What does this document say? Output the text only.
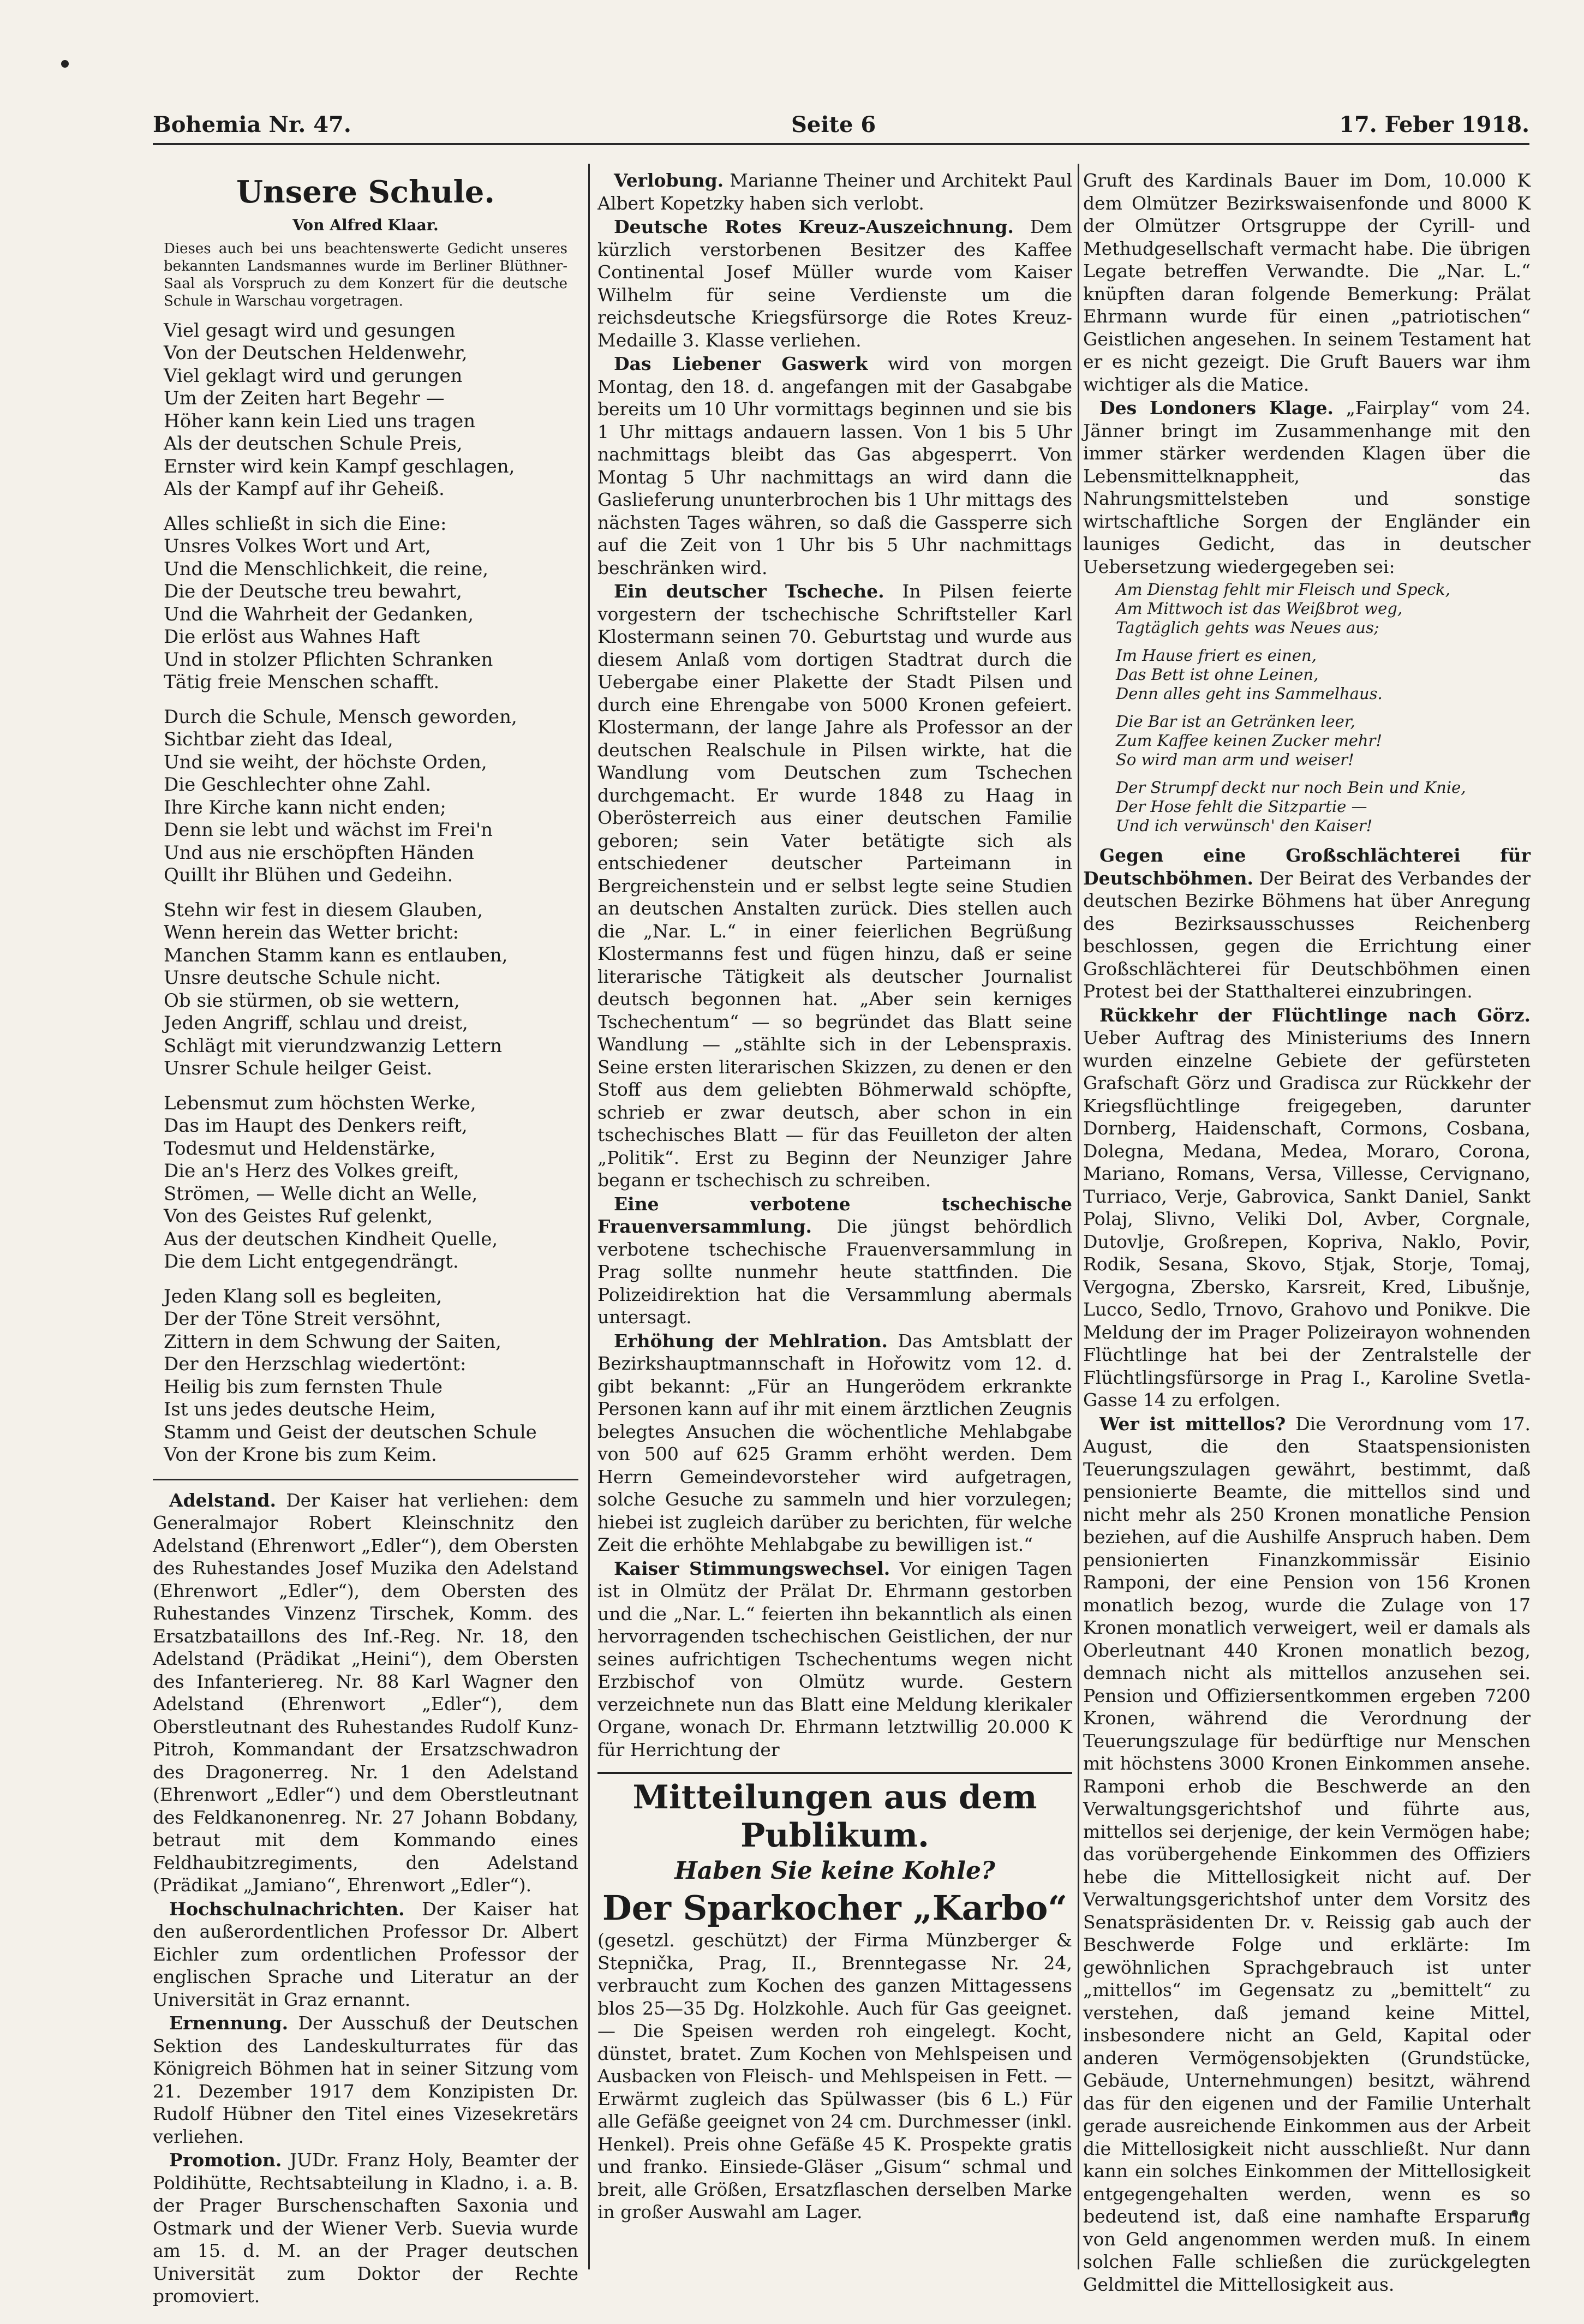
Bohemia Nr. 47.	Seite 6	17. Feber 1918.
Unsere Schule.
Von Alfred Klaar.
Dieses auch bei uns beachtenswerte Gedicht unseres bekannten Landsmannes wurde im Berliner Blüthner-Saal als Vorspruch zu dem Konzert für die deutsche Schule in Warschau vorgetragen.

Viel gesagt wird und gesungen
Von der Deutschen Heldenwehr,
Viel geklagt wird und gerungen
Um der Zeiten hart Begehr —
Höher kann kein Lied uns tragen
Als der deutschen Schule Preis,
Ernster wird kein Kampf geschlagen,
Als der Kampf auf ihr Geheiß.

Alles schließt in sich die Eine:
Unsres Volkes Wort und Art,
Und die Menschlichkeit, die reine,
Die der Deutsche treu bewahrt,
Und die Wahrheit der Gedanken,
Die erlöst aus Wahnes Haft
Und in stolzer Pflichten Schranken
Tätig freie Menschen schafft.

Durch die Schule, Mensch geworden,
Sichtbar zieht das Ideal,
Und sie weiht, der höchste Orden,
Die Geschlechter ohne Zahl.
Ihre Kirche kann nicht enden;
Denn sie lebt und wächst im Frei'n
Und aus nie erschöpften Händen
Quillt ihr Blühen und Gedeihn.

Stehn wir fest in diesem Glauben,
Wenn herein das Wetter bricht:
Manchen Stamm kann es entlauben,
Unsre deutsche Schule nicht.
Ob sie stürmen, ob sie wettern,
Jeden Angriff, schlau und dreist,
Schlägt mit vierundzwanzig Lettern
Unsrer Schule heilger Geist.

Lebensmut zum höchsten Werke,
Das im Haupt des Denkers reift,
Todesmut und Heldenstärke,
Die an's Herz des Volkes greift,
Strömen, — Welle dicht an Welle,
Von des Geistes Ruf gelenkt,
Aus der deutschen Kindheit Quelle,
Die dem Licht entgegendrängt.

Jeden Klang soll es begleiten,
Der der Töne Streit versöhnt,
Zittern in dem Schwung der Saiten,
Der den Herzschlag wiedertönt:
Heilig bis zum fernsten Thule
Ist uns jedes deutsche Heim,
Stamm und Geist der deutschen Schule
Von der Krone bis zum Keim.

Adelstand. Der Kaiser hat verliehen: dem Generalmajor Robert Kleinschnitz den Adelstand (Ehrenwort „Edler“), dem Obersten des Ruhestandes Josef Muzika den Adelstand (Ehrenwort „Edler“), dem Obersten des Ruhestandes Vinzenz Tirschek, Komm. des Ersatzbataillons des Inf.-Reg. Nr. 18, den Adelstand (Prädikat „Heini“), dem Obersten des Infanteriereg. Nr. 88 Karl Wagner den Adelstand (Ehrenwort „Edler“), dem Oberstleutnant des Ruhestandes Rudolf Kunz-Pitroh, Kommandant der Ersatzschwadron des Dragonerreg. Nr. 1 den Adelstand (Ehrenwort „Edler“) und dem Oberstleutnant des Feldkanonenreg. Nr. 27 Johann Bobdany, betraut mit dem Kommando eines Feldhaubitzregiments, den Adelstand (Prädikat „Jamiano“, Ehrenwort „Edler“).

Hochschulnachrichten. Der Kaiser hat den außerordentlichen Professor Dr. Albert Eichler zum ordentlichen Professor der englischen Sprache und Literatur an der Universität in Graz ernannt.

Ernennung. Der Ausschuß der Deutschen Sektion des Landeskulturrates für das Königreich Böhmen hat in seiner Sitzung vom 21. Dezember 1917 dem Konzipisten Dr. Rudolf Hübner den Titel eines Vizesekretärs verliehen.

Promotion. JUDr. Franz Holy, Beamter der Poldihütte, Rechtsabteilung in Kladno, i. a. B. der Prager Burschenschaften Saxonia und Ostmark und der Wiener Verb. Suevia wurde am 15. d. M. an der Prager deutschen Universität zum Doktor der Rechte promoviert.

Verlobung. Marianne Theiner und Architekt Paul Albert Kopetzky haben sich verlobt.

Deutsche Rotes Kreuz-Auszeichnung. Dem kürzlich verstorbenen Besitzer des Kaffee Continental Josef Müller wurde vom Kaiser Wilhelm für seine Verdienste um die reichsdeutsche Kriegsfürsorge die Rotes Kreuz-Medaille 3. Klasse verliehen.

Das Liebener Gaswerk wird von morgen Montag, den 18. d. angefangen mit der Gasabgabe bereits um 10 Uhr vormittags beginnen und sie bis 1 Uhr mittags andauern lassen. Von 1 bis 5 Uhr nachmittags bleibt das Gas abgesperrt. Von Montag 5 Uhr nachmittags an wird dann die Gaslieferung ununterbrochen bis 1 Uhr mittags des nächsten Tages währen, so daß die Gassperre sich auf die Zeit von 1 Uhr bis 5 Uhr nachmittags beschränken wird.

Ein deutscher Tscheche. In Pilsen feierte vorgestern der tschechische Schriftsteller Karl Klostermann seinen 70. Geburtstag und wurde aus diesem Anlaß vom dortigen Stadtrat durch die Uebergabe einer Plakette der Stadt Pilsen und durch eine Ehrengabe von 5000 Kronen gefeiert. Klostermann, der lange Jahre als Professor an der deutschen Realschule in Pilsen wirkte, hat die Wandlung vom Deutschen zum Tschechen durchgemacht. Er wurde 1848 zu Haag in Oberösterreich aus einer deutschen Familie geboren; sein Vater betätigte sich als entschiedener deutscher Parteimann in Bergreichenstein und er selbst legte seine Studien an deutschen Anstalten zurück. Dies stellen auch die „Nar. L.“ in einer feierlichen Begrüßung Klostermanns fest und fügen hinzu, daß er seine literarische Tätigkeit als deutscher Journalist deutsch begonnen hat. „Aber sein kerniges Tschechentum“ — so begründet das Blatt seine Wandlung — „stählte sich in der Lebenspraxis. Seine ersten literarischen Skizzen, zu denen er den Stoff aus dem geliebten Böhmerwald schöpfte, schrieb er zwar deutsch, aber schon in ein tschechisches Blatt — für das Feuilleton der alten „Politik“. Erst zu Beginn der Neunziger Jahre begann er tschechisch zu schreiben.

Eine verbotene tschechische Frauenversammlung. Die jüngst behördlich verbotene tschechische Frauenversammlung in Prag sollte nunmehr heute stattfinden. Die Polizeidirektion hat die Versammlung abermals untersagt.

Erhöhung der Mehlration. Das Amtsblatt der Bezirkshauptmannschaft in Hořowitz vom 12. d. gibt bekannt: „Für an Hungerödem erkrankte Personen kann auf ihr mit einem ärztlichen Zeugnis belegtes Ansuchen die wöchentliche Mehlabgabe von 500 auf 625 Gramm erhöht werden. Dem Herrn Gemeindevorsteher wird aufgetragen, solche Gesuche zu sammeln und hier vorzulegen; hiebei ist zugleich darüber zu berichten, für welche Zeit die erhöhte Mehlabgabe zu bewilligen ist.“

Kaiser Stimmungswechsel. Vor einigen Tagen ist in Olmütz der Prälat Dr. Ehrmann gestorben und die „Nar. L.“ feierten ihn bekanntlich als einen hervorragenden tschechischen Geistlichen, der nur seines aufrichtigen Tschechentums wegen nicht Erzbischof von Olmütz wurde. Gestern verzeichnete nun das Blatt eine Meldung klerikaler Organe, wonach Dr. Ehrmann letztwillig 20.000 K für Herrichtung der

Mitteilungen aus dem Publikum.
Haben Sie keine Kohle?
Der Sparkocher „Karbo“

(gesetzl. geschützt) der Firma Münzberger & Stepnička, Prag, II., Brenntegasse Nr. 24, verbraucht zum Kochen des ganzen Mittagessens blos 25—35 Dg. Holzkohle. Auch für Gas geeignet. — Die Speisen werden roh eingelegt. Kocht, dünstet, bratet. Zum Kochen von Mehlspeisen und Ausbacken von Fleisch- und Mehlspeisen in Fett. — Erwärmt zugleich das Spülwasser (bis 6 L.) Für alle Gefäße geeignet von 24 cm. Durchmesser (inkl. Henkel). Preis ohne Gefäße 45 K. Prospekte gratis und franko. Einsiede-Gläser „Gisum“ schmal und breit, alle Größen, Ersatzflaschen derselben Marke in großer Auswahl am Lager.

Gruft des Kardinals Bauer im Dom, 10.000 K dem Olmützer Bezirkswaisenfonde und 8000 K der Olmützer Ortsgruppe der Cyrill- und Methudgesellschaft vermacht habe. Die übrigen Legate betreffen Verwandte. Die „Nar. L.“ knüpften daran folgende Bemerkung: Prälat Ehrmann wurde für einen „patriotischen“ Geistlichen angesehen. In seinem Testament hat er es nicht gezeigt. Die Gruft Bauers war ihm wichtiger als die Matice.

Des Londoners Klage. „Fairplay“ vom 24. Jänner bringt im Zusammenhange mit den immer stärker werdenden Klagen über die Lebensmittelknappheit, das Nahrungsmittelsteben und sonstige wirtschaftliche Sorgen der Engländer ein launiges Gedicht, das in deutscher Uebersetzung wiedergegeben sei:

Am Dienstag fehlt mir Fleisch und Speck,
Am Mittwoch ist das Weißbrot weg,
Tagtäglich gehts was Neues aus;

Im Hause friert es einen,
Das Bett ist ohne Leinen,
Denn alles geht ins Sammelhaus.

Die Bar ist an Getränken leer,
Zum Kaffee keinen Zucker mehr!
So wird man arm und weiser!

Der Strumpf deckt nur noch Bein und Knie,
Der Hose fehlt die Sitzpartie —
Und ich verwünsch' den Kaiser!

Gegen eine Großschlächterei für Deutschböhmen. Der Beirat des Verbandes der deutschen Bezirke Böhmens hat über Anregung des Bezirksausschusses Reichenberg beschlossen, gegen die Errichtung einer Großschlächterei für Deutschböhmen einen Protest bei der Statthalterei einzubringen.

Rückkehr der Flüchtlinge nach Görz. Ueber Auftrag des Ministeriums des Innern wurden einzelne Gebiete der gefürsteten Grafschaft Görz und Gradisca zur Rückkehr der Kriegsflüchtlinge freigegeben, darunter Dornberg, Haidenschaft, Cormons, Cosbana, Dolegna, Medana, Medea, Moraro, Corona, Mariano, Romans, Versa, Villesse, Cervignano, Turriaco, Verje, Gabrovica, Sankt Daniel, Sankt Polaj, Slivno, Veliki Dol, Avber, Corgnale, Dutovlje, Großrepen, Kopriva, Naklo, Povir, Rodik, Sesana, Skovo, Stjak, Storje, Tomaj, Vergogna, Zbersko, Karsreit, Kred, Libušnje, Lucco, Sedlo, Trnovo, Grahovo und Ponikve. Die Meldung der im Prager Polizeirayon wohnenden Flüchtlinge hat bei der Zentralstelle der Flüchtlingsfürsorge in Prag I., Karoline Svetla-Gasse 14 zu erfolgen.

Wer ist mittellos? Die Verordnung vom 17. August, die den Staatspensionisten Teuerungszulagen gewährt, bestimmt, daß pensionierte Beamte, die mittellos sind und nicht mehr als 250 Kronen monatliche Pension beziehen, auf die Aushilfe Anspruch haben. Dem pensionierten Finanzkommissär Eisinio Ramponi, der eine Pension von 156 Kronen monatlich bezog, wurde die Zulage von 17 Kronen monatlich verweigert, weil er damals als Oberleutnant 440 Kronen monatlich bezog, demnach nicht als mittellos anzusehen sei. Pension und Offiziersentkommen ergeben 7200 Kronen, während die Verordnung der Teuerungszulage für bedürftige nur Menschen mit höchstens 3000 Kronen Einkommen ansehe. Ramponi erhob die Beschwerde an den Verwaltungsgerichtshof und führte aus, mittellos sei derjenige, der kein Vermögen habe; das vorübergehende Einkommen des Offiziers hebe die Mittellosigkeit nicht auf. Der Verwaltungsgerichtshof unter dem Vorsitz des Senatspräsidenten Dr. v. Reissig gab auch der Beschwerde Folge und erklärte: Im gewöhnlichen Sprachgebrauch ist unter „mittellos“ im Gegensatz zu „bemittelt“ zu verstehen, daß jemand keine Mittel, insbesondere nicht an Geld, Kapital oder anderen Vermögensobjekten (Grundstücke, Gebäude, Unternehmungen) besitzt, während das für den eigenen und der Familie Unterhalt gerade ausreichende Einkommen aus der Arbeit die Mittellosigkeit nicht ausschließt. Nur dann kann ein solches Einkommen der Mittellosigkeit entgegengehalten werden, wenn es so bedeutend ist, daß eine namhafte Ersparung von Geld angenommen werden muß. In einem solchen Falle schließen die zurückgelegten Geldmittel die Mittellosigkeit aus.
